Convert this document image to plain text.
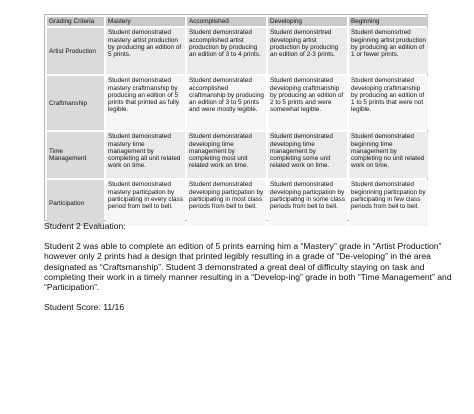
Grading Criteria	Mastery	Accomplished	Developing	Beginning
Artist Production	Student demonstrated mastery artist production by producing an edition of 5 prints.	Student demonstrated accomplished artist production by producing an edition of 3 to 4 prints.	Student demonstrtred developing artist production by producing an edition of 2-3 prints.	Student demonsrtred beginning artist production by producing an edition of 1 or fewer prints.
Craftmanship	Student demonstrated mastery craftmanship by producing an edition of 5 prints that printed as fully legible.	Student demonstrated accomplished craftmanship by producing an edition of 3 to 5 prints and were mostly legible.	Student demonstrated developing craftmanship by producing an edition of 2 to 5 prints and were somewhat legible.	Student demonstrated developing craftmanship by producing an edition of 1 to 5 prints that were not legible.
Time Management	Student demonstrated mastery time management by completing all unit related work on time.	Student demonstrated developing time management by completing most unit related work on time.	Student demonstrated developing time management by completing some unit related work on time.	Student demonstrated beginning time management by completing no unit related work on time.
Participation	Student demonstrated mastery particpation by participating in every class period from bell to bell.	Student demonstrated developing particpation by participating in most class periods from bell to bell.	Student demonstrated developing particpation by participating in some class periods from bell to bell.	Student demonstrated beginnning particpation by participating in few class periods from bell to bell.

Student 2 Evaluation:

Student 2 was able to complete an edition of 5 prints earning him a “Mastery” grade in “Artist Production” however only 2 prints had a design that printed legibly resulting in a grade of “De-veloping” in the area designated as “Craftsmanship”. Student 3 demonstrated a great deal of difficulty staying on task and completing their work in a timely manner resulting in a “Develop-ing” grade in both “Time Management” and “Participation”.

Student Score: 11/16
